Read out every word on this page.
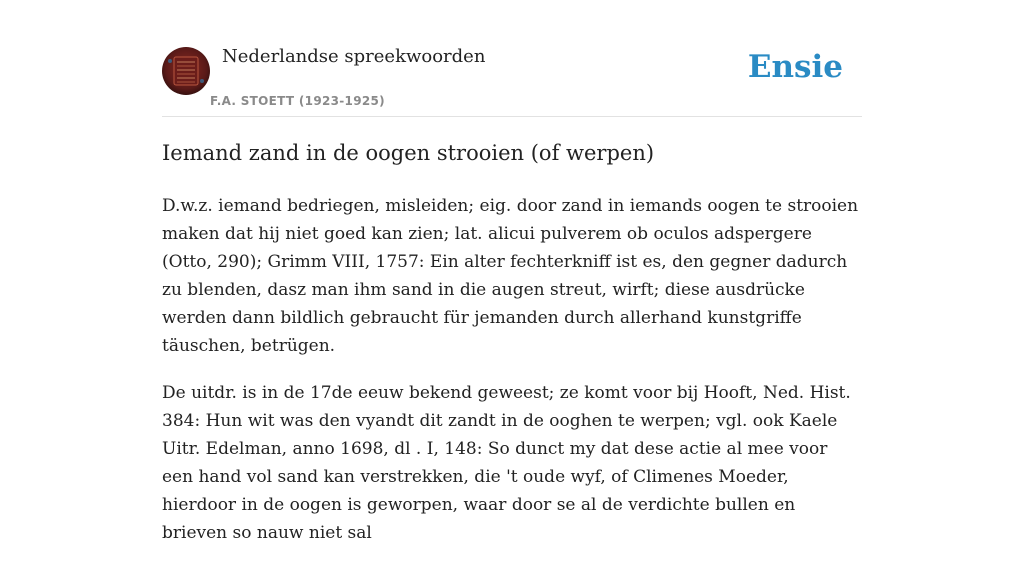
Nederlandse spreekwoorden
F.A. STOETT (1923-1925)
Ensie
Iemand zand in de oogen strooien (of werpen)

D.w.z. iemand bedriegen, misleiden; eig. door zand in iemands oogen te strooien maken dat hij niet goed kan zien; lat. alicui pulverem ob oculos adspergere (Otto, 290); Grimm VIII, 1757: Ein alter fechterkniff ist es, den gegner dadurch zu blenden, dasz man ihm sand in die augen streut, wirft; diese ausdrücke werden dann bildlich gebraucht für jemanden durch allerhand kunstgriffe täuschen, betrügen.

De uitdr. is in de 17de eeuw bekend geweest; ze komt voor bij Hooft, Ned. Hist. 384: Hun wit was den vyandt dit zandt in de ooghen te werpen; vgl. ook Kaele Uitr. Edelman, anno 1698, dl . I, 148: So dunct my dat dese actie al mee voor een hand vol sand kan verstrekken, die 't oude wyf, of Climenes Moeder, hierdoor in de oogen is geworpen, waar door se al de verdichte bullen en brieven so nauw niet sal
